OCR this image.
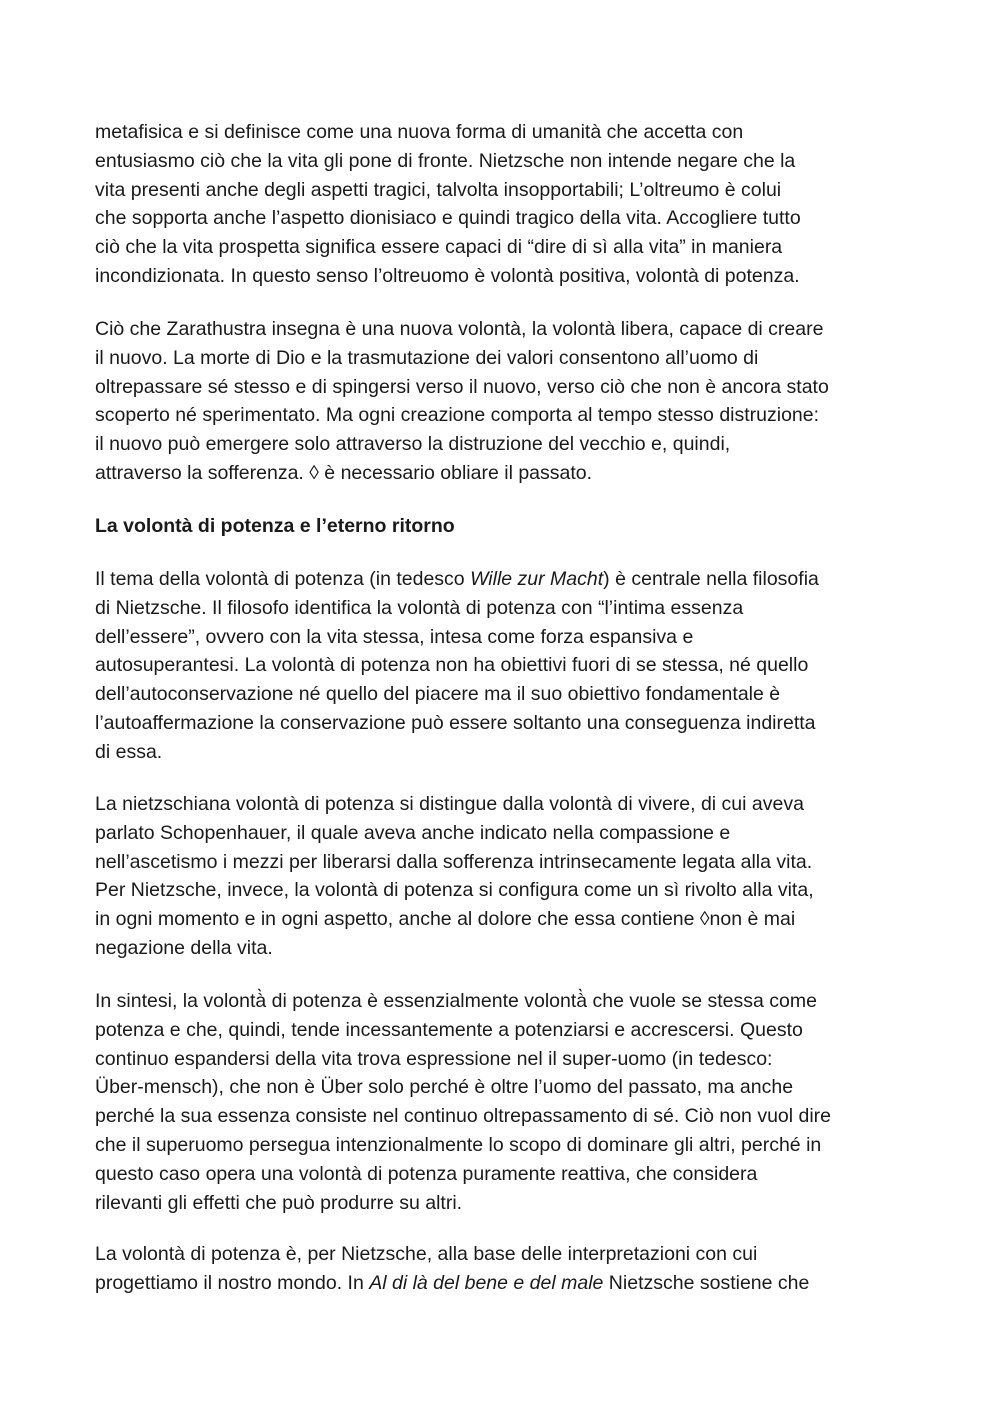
metafisica e si definisce come una nuova forma di umanità che accetta con
entusiasmo ciò che la vita gli pone di fronte. Nietzsche non intende negare che la
vita presenti anche degli aspetti tragici, talvolta insopportabili; L’oltreumo è colui
che sopporta anche l’aspetto dionisiaco e quindi tragico della vita. Accogliere tutto
ciò che la vita prospetta significa essere capaci di “dire di sì alla vita” in maniera
incondizionata. In questo senso l’oltreuomo è volontà positiva, volontà di potenza.

Ciò che Zarathustra insegna è una nuova volontà, la volontà libera, capace di creare
il nuovo. La morte di Dio e la trasmutazione dei valori consentono all’uomo di
oltrepassare sé stesso e di spingersi verso il nuovo, verso ciò che non è ancora stato
scoperto né sperimentato. Ma ogni creazione comporta al tempo stesso distruzione:
il nuovo può emergere solo attraverso la distruzione del vecchio e, quindi,
attraverso la sofferenza. ◊ è necessario obliare il passato.

La volontà di potenza e l’eterno ritorno

Il tema della volontà di potenza (in tedesco Wille zur Macht) è centrale nella filosofia
di Nietzsche. Il filosofo identifica la volontà di potenza con “l’intima essenza
dell’essere”, ovvero con la vita stessa, intesa come forza espansiva e
autosuperantesi. La volontà di potenza non ha obiettivi fuori di se stessa, né quello
dell’autoconservazione né quello del piacere ma il suo obiettivo fondamentale è
l’autoaffermazione la conservazione può essere soltanto una conseguenza indiretta
di essa.

La nietzschiana volontà di potenza si distingue dalla volontà di vivere, di cui aveva
parlato Schopenhauer, il quale aveva anche indicato nella compassione e
nell’ascetismo i mezzi per liberarsi dalla sofferenza intrinsecamente legata alla vita.
Per Nietzsche, invece, la volontà di potenza si configura come un sì rivolto alla vita,
in ogni momento e in ogni aspetto, anche al dolore che essa contiene ◊non è mai
negazione della vita.

In sintesi, la volontà̀ di potenza è essenzialmente volontà̀ che vuole se stessa come
potenza e che, quindi, tende incessantemente a potenziarsi e accrescersi. Questo
continuo espandersi della vita trova espressione nel il super-uomo (in tedesco:
Über-mensch), che non è Über solo perché è oltre l’uomo del passato, ma anche
perché la sua essenza consiste nel continuo oltrepassamento di sé. Ciò non vuol dire
che il superuomo persegua intenzionalmente lo scopo di dominare gli altri, perché in
questo caso opera una volontà di potenza puramente reattiva, che considera
rilevanti gli effetti che può produrre su altri.

La volontà di potenza è, per Nietzsche, alla base delle interpretazioni con cui
progettiamo il nostro mondo. In Al di là del bene e del male Nietzsche sostiene che
